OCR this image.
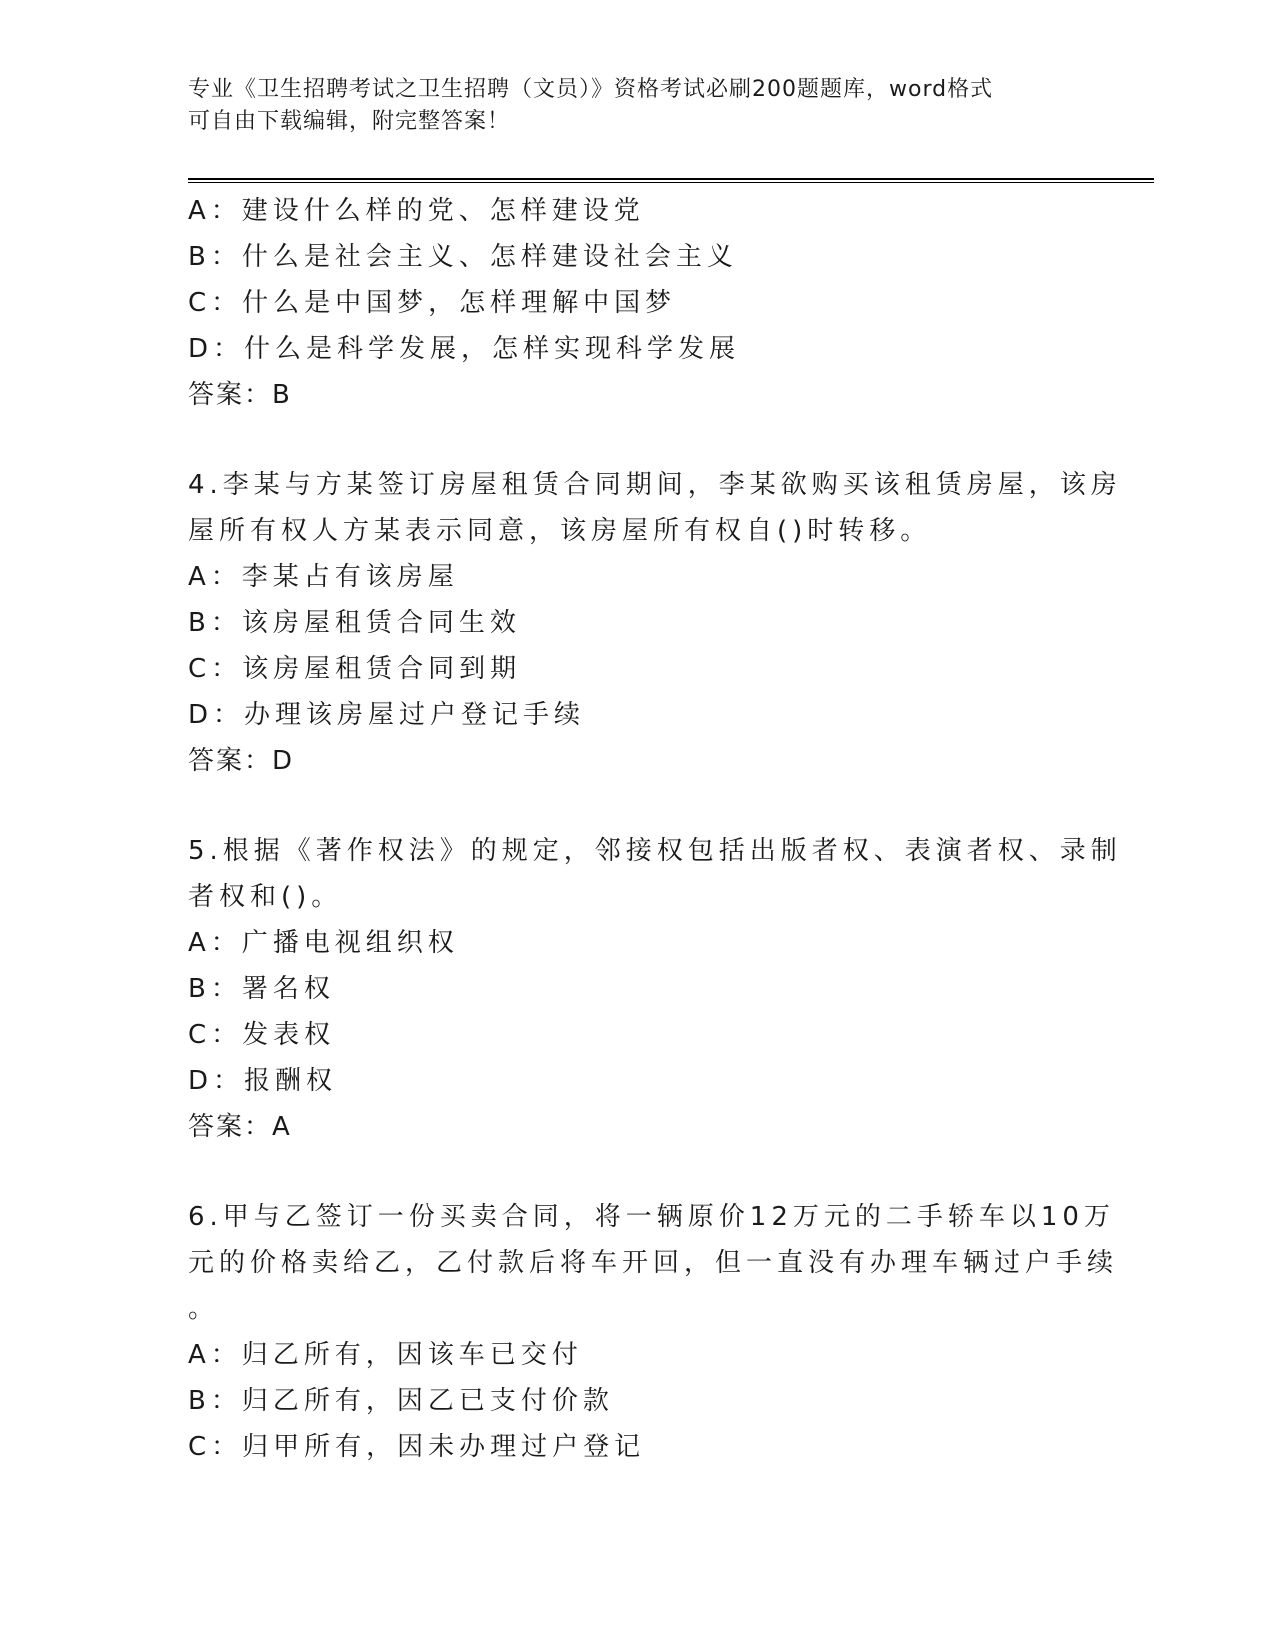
专业《卫生招聘考试之卫生招聘（文员）》资格考试必刷200题题库，word格式
可自由下载编辑，附完整答案！
A：建设什么样的党、怎样建设党
B：什么是社会主义、怎样建设社会主义
C：什么是中国梦，怎样理解中国梦
D：什么是科学发展，怎样实现科学发展
答案：B
4.李某与方某签订房屋租赁合同期间，李某欲购买该租赁房屋，该房
屋所有权人方某表示同意，该房屋所有权自()时转移。
A：李某占有该房屋
B：该房屋租赁合同生效
C：该房屋租赁合同到期
D：办理该房屋过户登记手续
答案：D
5.根据《著作权法》的规定，邻接权包括出版者权、表演者权、录制
者权和()。
A：广播电视组织权
B：署名权
C：发表权
D：报酬权
答案：A
6.甲与乙签订一份买卖合同，将一辆原价12万元的二手轿车以10万
元的价格卖给乙，乙付款后将车开回，但一直没有办理车辆过户手续
。
A：归乙所有，因该车已交付
B：归乙所有，因乙已支付价款
C：归甲所有，因未办理过户登记
